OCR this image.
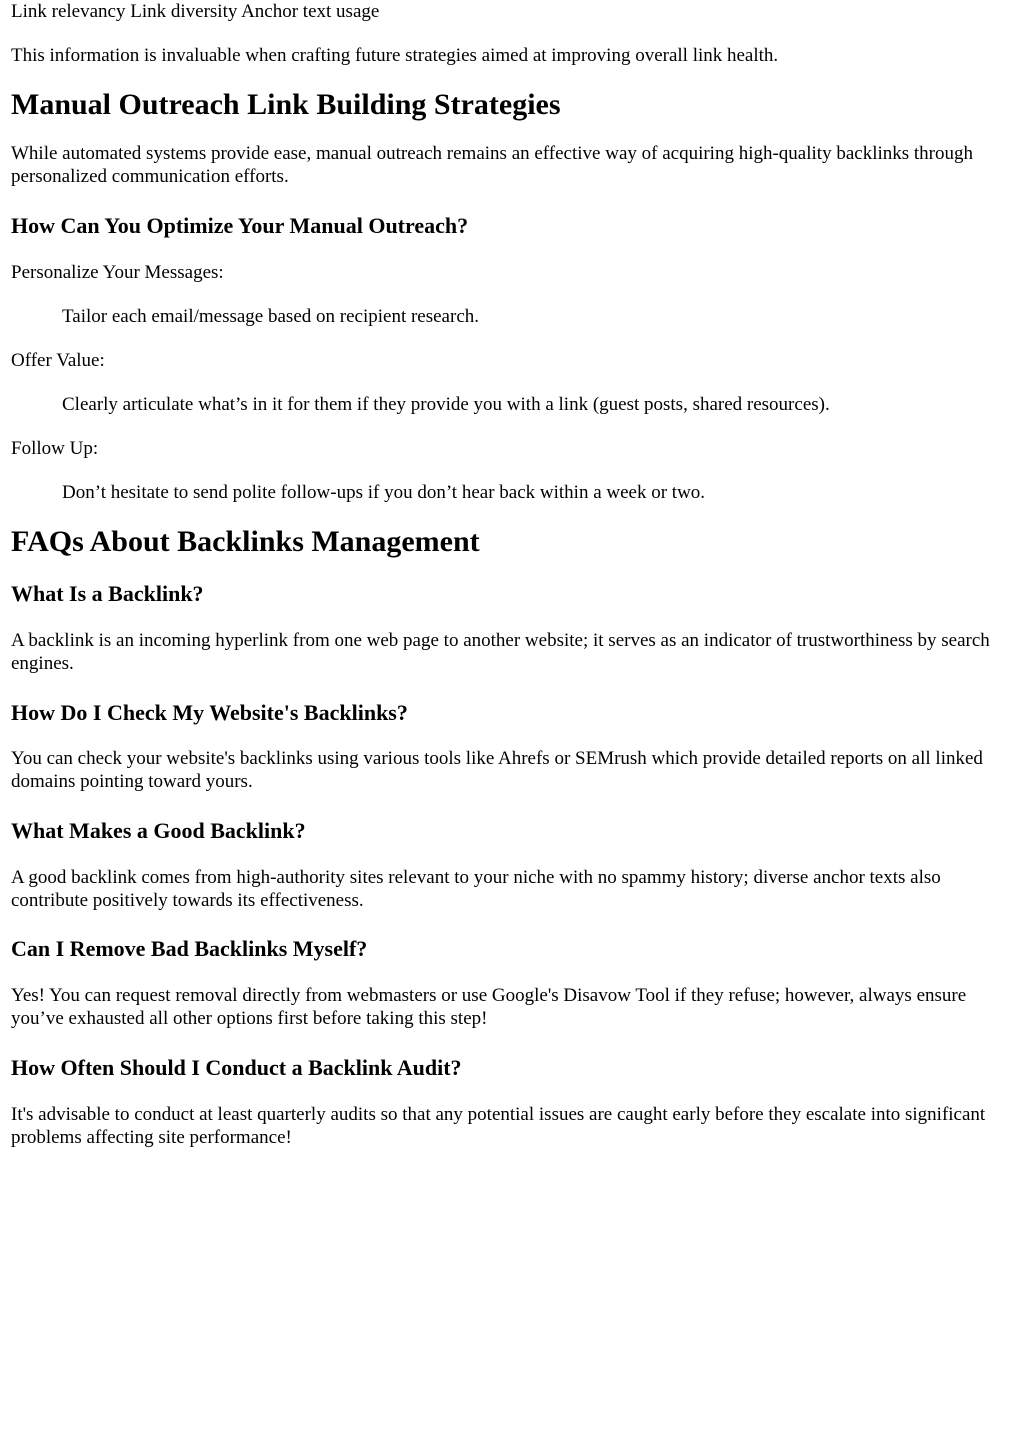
Link relevancy Link diversity Anchor text usage

This information is invaluable when crafting future strategies aimed at improving overall link health.

Manual Outreach Link Building Strategies

While automated systems provide ease, manual outreach remains an effective way of acquiring high-quality backlinks through personalized communication efforts.

How Can You Optimize Your Manual Outreach?

Personalize Your Messages:

Tailor each email/message based on recipient research.

Offer Value:

Clearly articulate what’s in it for them if they provide you with a link (guest posts, shared resources).

Follow Up:

Don’t hesitate to send polite follow-ups if you don’t hear back within a week or two.

FAQs About Backlinks Management
What Is a Backlink?

A backlink is an incoming hyperlink from one web page to another website; it serves as an indicator of trustworthiness by search engines.

How Do I Check My Website's Backlinks?

You can check your website's backlinks using various tools like Ahrefs or SEMrush which provide detailed reports on all linked domains pointing toward yours.

What Makes a Good Backlink?

A good backlink comes from high-authority sites relevant to your niche with no spammy history; diverse anchor texts also contribute positively towards its effectiveness.

Can I Remove Bad Backlinks Myself?

Yes! You can request removal directly from webmasters or use Google's Disavow Tool if they refuse; however, always ensure you’ve exhausted all other options first before taking this step!

How Often Should I Conduct a Backlink Audit?

It's advisable to conduct at least quarterly audits so that any potential issues are caught early before they escalate into significant problems affecting site performance!
